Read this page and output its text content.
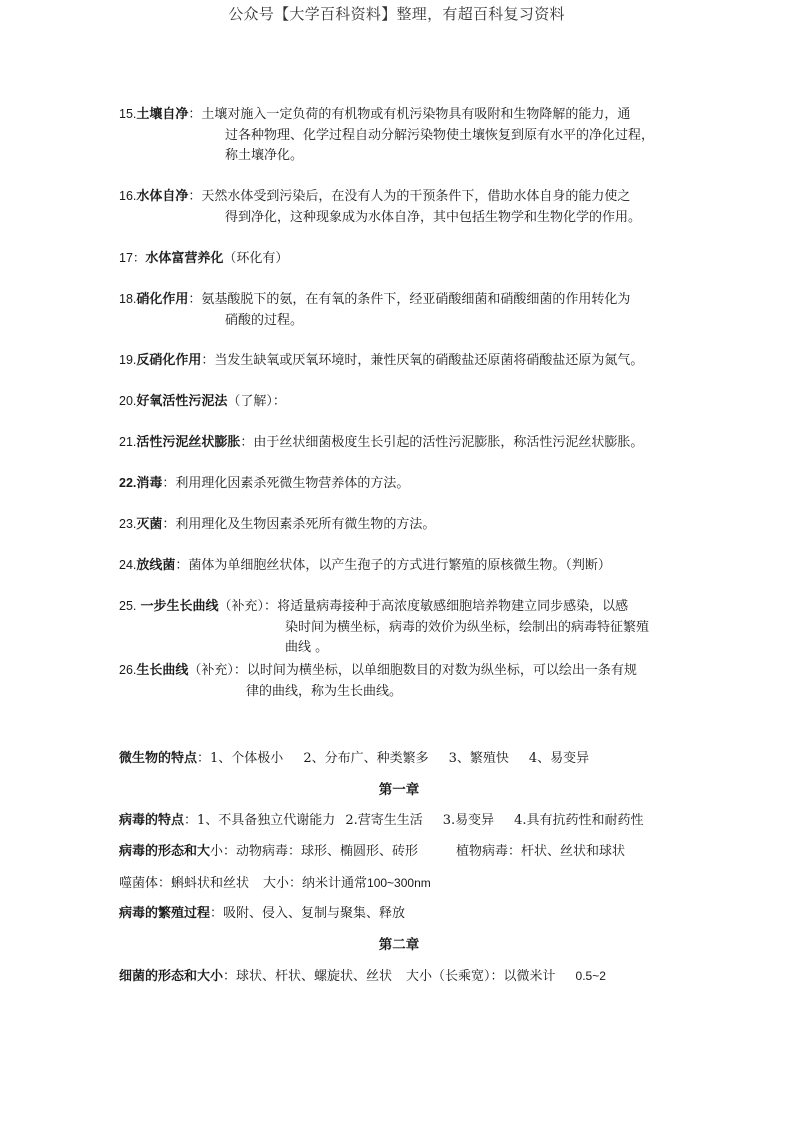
公众号【大学百科资料】整理，有超百科复习资料
15.土壤自净：土壤对施入一定负荷的有机物或有机污染物具有吸附和生物降解的能力，通
过各种物理、化学过程自动分解污染物使土壤恢复到原有水平的净化过程，
称土壤净化。
16.水体自净：天然水体受到污染后，在没有人为的干预条件下，借助水体自身的能力使之
得到净化，这种现象成为水体自净，其中包括生物学和生物化学的作用。
17：水体富营养化（环化有）
18.硝化作用：氨基酸脱下的氨，在有氧的条件下，经亚硝酸细菌和硝酸细菌的作用转化为
硝酸的过程。
19.反硝化作用：当发生缺氧或厌氧环境时，兼性厌氧的硝酸盐还原菌将硝酸盐还原为氮气。
20.好氧活性污泥法（了解）：
21.活性污泥丝状膨胀：由于丝状细菌极度生长引起的活性污泥膨胀，称活性污泥丝状膨胀。
22.消毒：利用理化因素杀死微生物营养体的方法。
23.灭菌：利用理化及生物因素杀死所有微生物的方法。
24.放线菌：菌体为单细胞丝状体，以产生孢子的方式进行繁殖的原核微生物。（判断）
25. 一步生长曲线（补充）：将适量病毒接种于高浓度敏感细胞培养物建立同步感染，以感
染时间为横坐标，病毒的效价为纵坐标，绘制出的病毒特征繁殖
曲线 。
26.生长曲线（补充）：以时间为横坐标，以单细胞数目的对数为纵坐标，可以绘出一条有规
律的曲线，称为生长曲线。
微生物的特点：1、个体极小 2、分布广、种类繁多 3、繁殖快 4、易变异
第一章
病毒的特点：1、不具备独立代谢能力 2.营寄生生活 3.易变异 4.具有抗药性和耐药性
病毒的形态和大小：动物病毒：球形、椭圆形、砖形	植物病毒：杆状、丝状和球状
噬菌体：蝌蚪状和丝状 大小：纳米计通常100~300nm
病毒的繁殖过程：吸附、侵入、复制与聚集、释放
第二章
细菌的形态和大小：球状、杆状、螺旋状、丝状 大小（长乘宽）：以微米计 0.5~2
